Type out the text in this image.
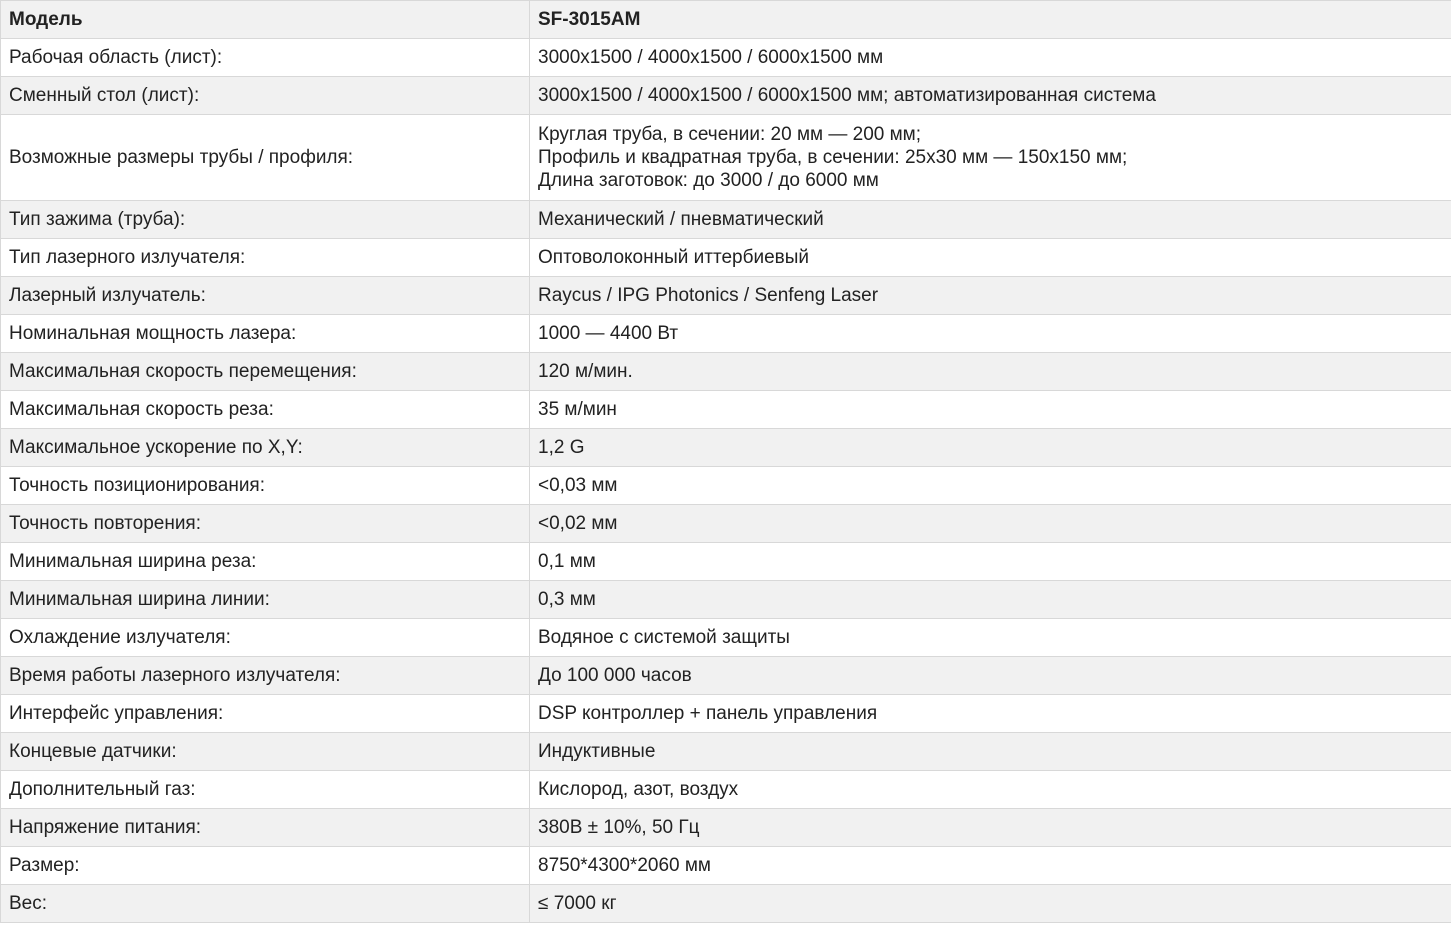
Модель	SF-3015AM
Рабочая область (лист):	3000x1500 / 4000x1500 / 6000x1500 мм
Сменный стол (лист):	3000x1500 / 4000x1500 / 6000x1500 мм; автоматизированная система
Возможные размеры трубы / профиля:	Круглая труба, в сечении: 20 мм — 200 мм;
Профиль и квадратная труба, в сечении: 25x30 мм — 150x150 мм;
Длина заготовок: до 3000 / до 6000 мм

Тип зажима (труба):	Механический / пневматический
Тип лазерного излучателя:	Оптоволоконный иттербиевый
Лазерный излучатель:	Raycus / IPG Photonics / Senfeng Laser
Номинальная мощность лазера:	1000 — 4400 Вт
Максимальная скорость перемещения:	120 м/мин.
Максимальная скорость реза:	35 м/мин
Максимальное ускорение по X,Y:	1,2 G
Точность позиционирования:	<0,03 мм
Точность повторения:	<0,02 мм
Минимальная ширина реза:	0,1 мм
Минимальная ширина линии:	0,3 мм
Охлаждение излучателя:	Водяное с системой защиты
Время работы лазерного излучателя:	До 100 000 часов
Интерфейс управления:	DSP контроллер + панель управления
Концевые датчики:	Индуктивные
Дополнительный газ:	Кислород, азот, воздух
Напряжение питания:	380В ± 10%, 50 Гц
Размер:	8750*4300*2060 мм
Вес:	≤ 7000 кг
